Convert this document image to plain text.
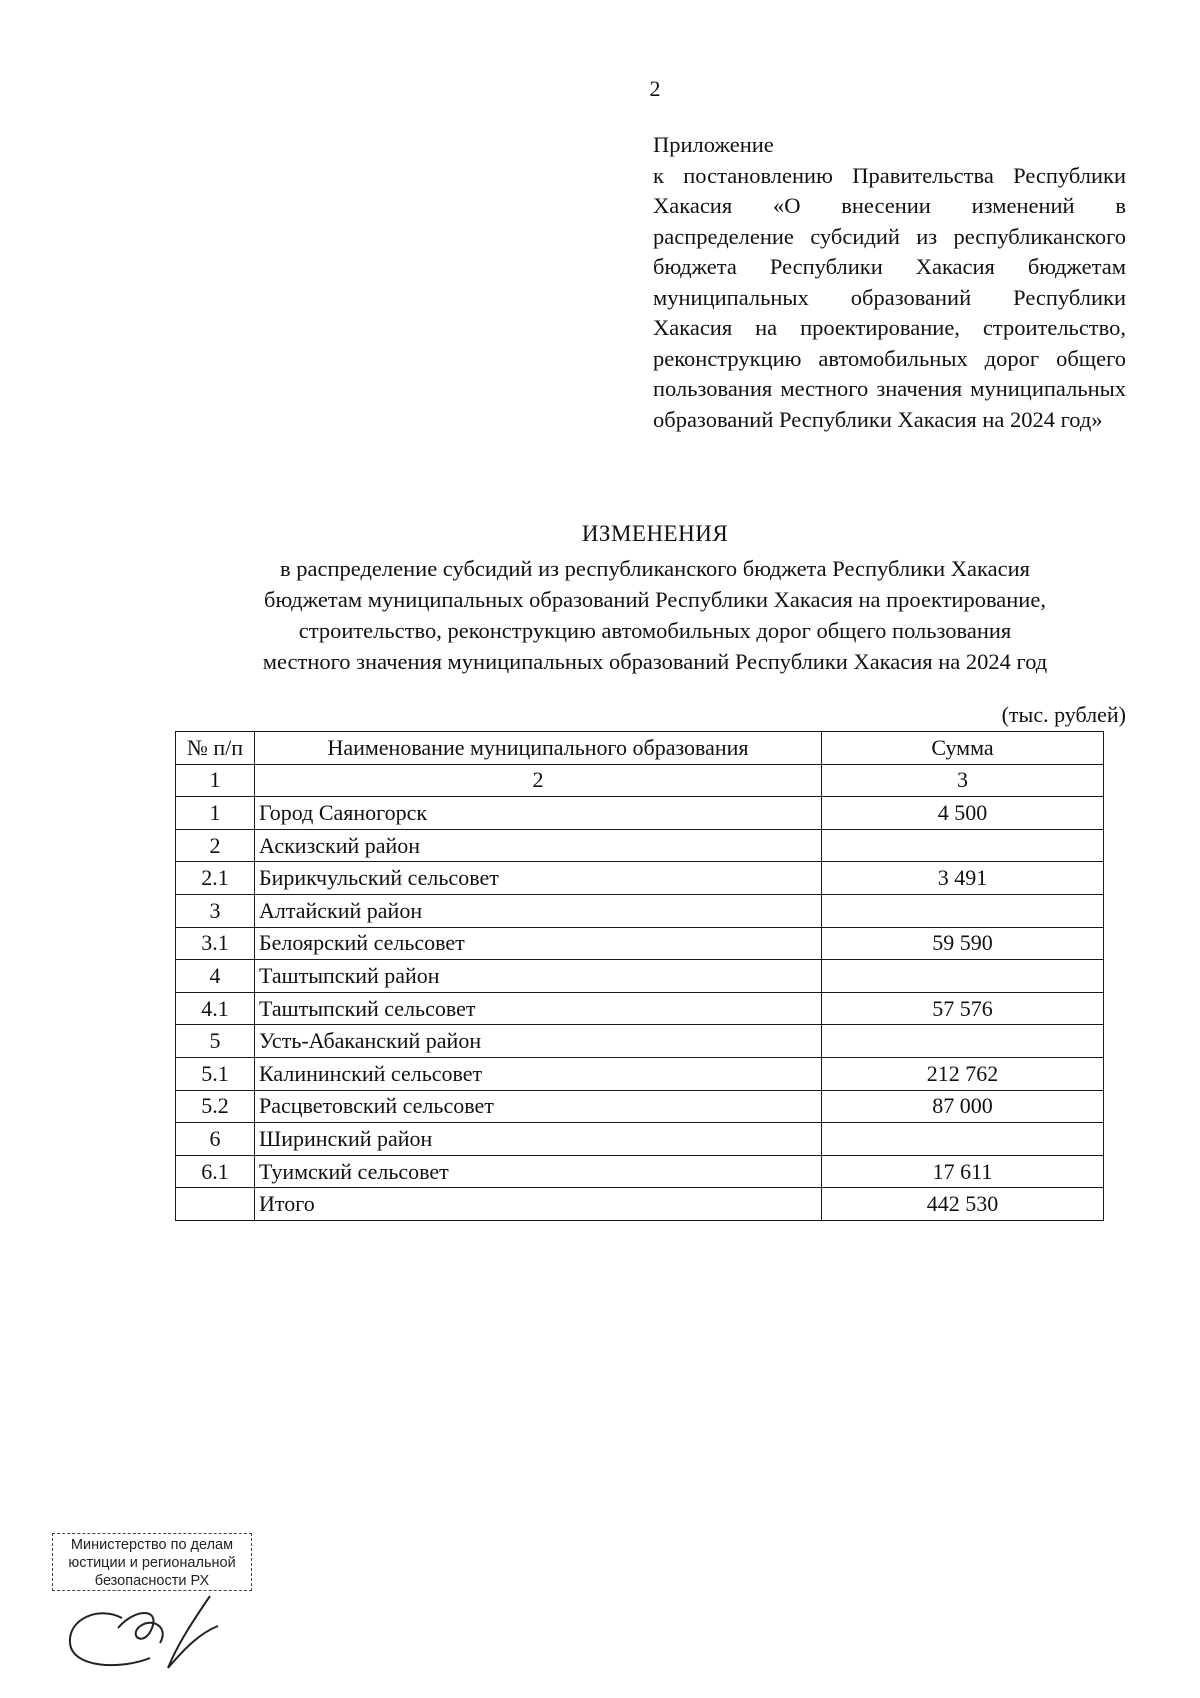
2
Приложение
к постановлению Правительства Республики Хакасия «О внесении изменений в распределение субсидий из республиканского бюджета Республики Хакасия бюджетам муниципальных образований Республики Хакасия на проектирование, строительство, реконструкцию автомобильных дорог общего пользования местного значения муниципальных образований Республики Хакасия на 2024 год»
ИЗМЕНЕНИЯ
в распределение субсидий из республиканского бюджета Республики Хакасия
бюджетам муниципальных образований Республики Хакасия на проектирование,
строительство, реконструкцию автомобильных дорог общего пользования
местного значения муниципальных образований Республики Хакасия на 2024 год
(тыс. рублей)
№ п/п	Наименование муниципального образования	Сумма
1	2	3
1	Город Саяногорск	4 500
2	Аскизский район	
2.1	Бирикчульский сельсовет	3 491
3	Алтайский район	
3.1	Белоярский сельсовет	59 590
4	Таштыпский район	
4.1	Таштыпский сельсовет	57 576
5	Усть-Абаканский район	
5.1	Калининский сельсовет	212 762
5.2	Расцветовский сельсовет	87 000
6	Ширинский район	
6.1	Туимский сельсовет	17 611
	Итого	442 530
Министерство по делам
юстиции и региональной
безопасности РХ
